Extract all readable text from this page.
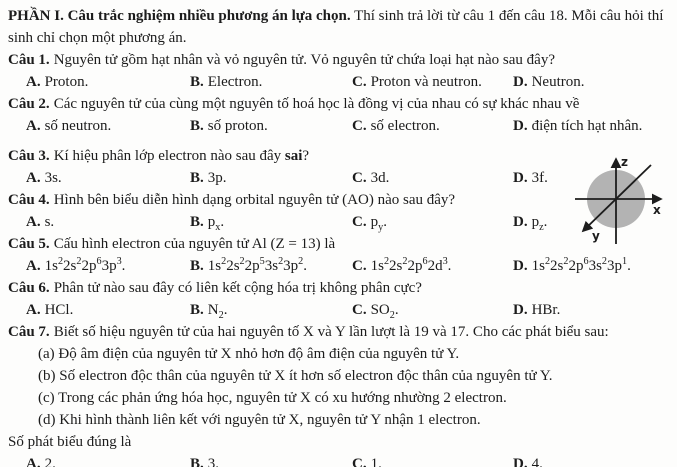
PHẦN I. Câu trắc nghiệm nhiều phương án lựa chọn. Thí sinh trả lời từ câu 1 đến câu 18. Mỗi câu hỏi thí sinh chỉ chọn một phương án.

Câu 1. Nguyên tử gồm hạt nhân và vỏ nguyên tử. Vỏ nguyên tử chứa loại hạt nào sau đây?

A. Proton.	B. Electron.	C. Proton và neutron.	D. Neutron.

Câu 2. Các nguyên tử của cùng một nguyên tố hoá học là đồng vị của nhau có sự khác nhau về

A. số neutron.	B. số proton.	C. số electron.	D. điện tích hạt nhân.

Câu 3. Kí hiệu phân lớp electron nào sau đây sai?

A. 3s.	B. 3p.	C. 3d.	D. 3f.

Câu 4. Hình bên biểu diễn hình dạng orbital nguyên tử (AO) nào sau đây?

A. s.	B. $p_x$.	C. $p_y$.	D. $p_z$.

Câu 5. Cấu hình electron của nguyên tử Al (Z = 13) là

A. $1s^22s^22p^63p^3$.	B. $1s^22s^22p^53s^23p^2$.	C. $1s^22s^22p^62d^3$.	D. $1s^22s^22p^63s^23p^1$.

Câu 6. Phân tử nào sau đây có liên kết cộng hóa trị không phân cực?

A. HCl.	B. $N_2$.	C. $SO_2$.	D. HBr.

Câu 7. Biết số hiệu nguyên tử của hai nguyên tố X và Y lần lượt là 19 và 17. Cho các phát biểu sau:

(a) Độ âm điện của nguyên tử X nhỏ hơn độ âm điện của nguyên tử Y.

(b) Số electron độc thân của nguyên tử X ít hơn số electron độc thân của nguyên tử Y.

(c) Trong các phản ứng hóa học, nguyên tử X có xu hướng nhường 2 electron.

(d) Khi hình thành liên kết với nguyên tử X, nguyên tử Y nhận 1 electron.

Số phát biểu đúng là

A. 2.	B. 3.	C. 1.	D. 4.
z
x
y
